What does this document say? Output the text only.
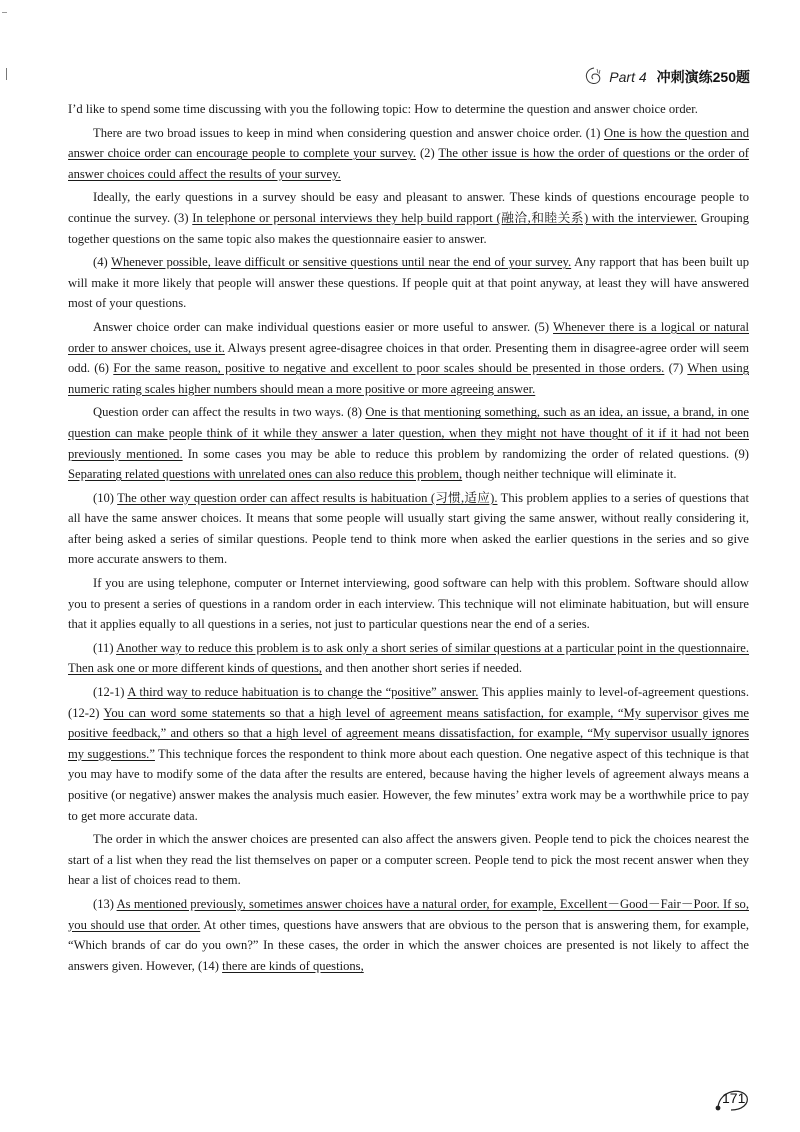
Part 4 冲刺演练250题

I’d like to spend some time discussing with you the following topic: How to determine the question and answer choice order.

There are two broad issues to keep in mind when considering question and answer choice order. (1) One is how the question and answer choice order can encourage people to complete your survey. (2) The other issue is how the order of questions or the order of answer choices could affect the results of your survey.

Ideally, the early questions in a survey should be easy and pleasant to answer. These kinds of questions encourage people to continue the survey. (3) In telephone or personal interviews they help build rapport (融洽,和睦关系) with the interviewer. Grouping together questions on the same topic also makes the questionnaire easier to answer.

(4) Whenever possible, leave difficult or sensitive questions until near the end of your survey. Any rapport that has been built up will make it more likely that people will answer these questions. If people quit at that point anyway, at least they will have answered most of your questions.

Answer choice order can make individual questions easier or more useful to answer. (5) Whenever there is a logical or natural order to answer choices, use it. Always present agree-disagree choices in that order. Presenting them in disagree-agree order will seem odd. (6) For the same reason, positive to negative and excellent to poor scales should be presented in those orders. (7) When using numeric rating scales higher numbers should mean a more positive or more agreeing answer.

Question order can affect the results in two ways. (8) One is that mentioning something, such as an idea, an issue, a brand, in one question can make people think of it while they answer a later question, when they might not have thought of it if it had not been previously mentioned. In some cases you may be able to reduce this problem by randomizing the order of related questions. (9) Separating related questions with unrelated ones can also reduce this problem, though neither technique will eliminate it.

(10) The other way question order can affect results is habituation (习惯,适应). This problem applies to a series of questions that all have the same answer choices. It means that some people will usually start giving the same answer, without really considering it, after being asked a series of similar questions. People tend to think more when asked the earlier questions in the series and so give more accurate answers to them.

If you are using telephone, computer or Internet interviewing, good software can help with this problem. Software should allow you to present a series of questions in a random order in each interview. This technique will not eliminate habituation, but will ensure that it applies equally to all questions in a series, not just to particular questions near the end of a series.

(11) Another way to reduce this problem is to ask only a short series of similar questions at a particular point in the questionnaire. Then ask one or more different kinds of questions, and then another short series if needed.

(12-1) A third way to reduce habituation is to change the “positive” answer. This applies mainly to level-of-agreement questions. (12-2) You can word some statements so that a high level of agreement means satisfaction, for example, “My supervisor gives me positive feedback,” and others so that a high level of agreement means dissatisfaction, for example, “My supervisor usually ignores my suggestions.” This technique forces the respondent to think more about each question. One negative aspect of this technique is that you may have to modify some of the data after the results are entered, because having the higher levels of agreement always means a positive (or negative) answer makes the analysis much easier. However, the few minutes’ extra work may be a worthwhile price to pay to get more accurate data.

The order in which the answer choices are presented can also affect the answers given. People tend to pick the choices nearest the start of a list when they read the list themselves on paper or a computer screen. People tend to pick the most recent answer when they hear a list of choices read to them.

(13) As mentioned previously, sometimes answer choices have a natural order, for example, Excellent－Good－Fair－Poor. If so, you should use that order. At other times, questions have answers that are obvious to the person that is answering them, for example, “Which brands of car do you own?” In these cases, the order in which the answer choices are presented is not likely to affect the answers given. However, (14) there are kinds of questions,

171
